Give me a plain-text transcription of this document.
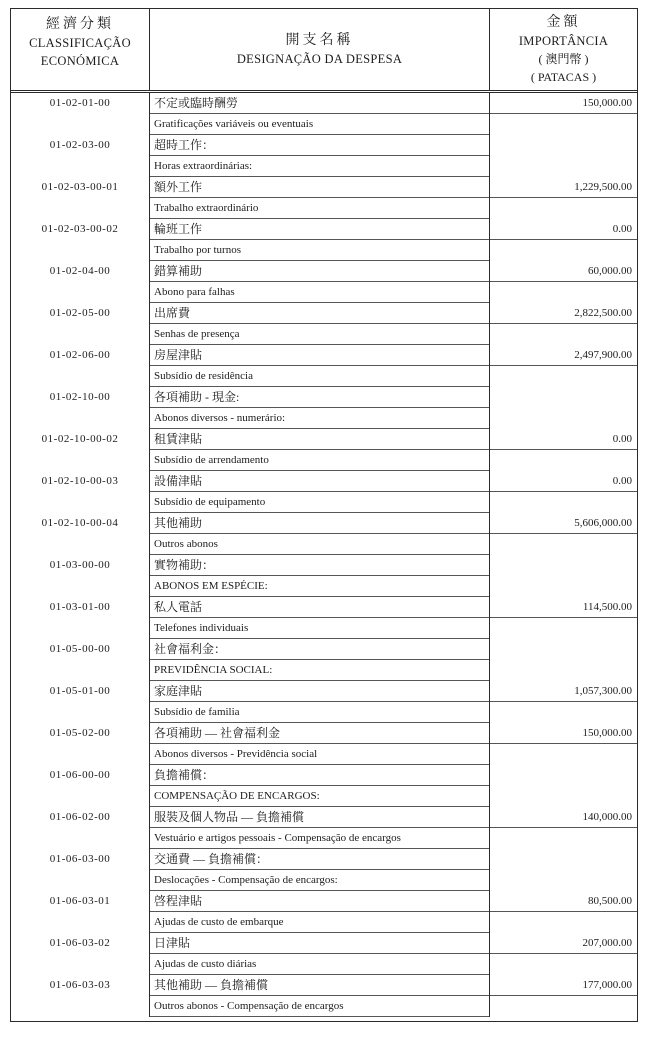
經濟分類
CLASSIFICAÇÃO
ECONÓMICA
開支名稱
DESIGNAÇÃO DA DESPESA
金額
IMPORTÂNCIA
( 澳門幣 )
( PATACAS )
01-02-01-00	不定或臨時酬勞
Gratificações variáveis ou eventuais
150,000.00
01-02-03-00	超時工作：
Horas extraordinárias:
01-02-03-00-01	額外工作
Trabalho extraordinário
1,229,500.00
01-02-03-00-02	輪班工作
Trabalho por turnos
0.00
01-02-04-00	錯算補助
Abono para falhas
60,000.00
01-02-05-00	出席費
Senhas de presença
2,822,500.00
01-02-06-00	房屋津貼
Subsídio de residência
2,497,900.00
01-02-10-00	各項補助 - 現金:
Abonos diversos - numerário:
01-02-10-00-02	租賃津貼
Subsídio de arrendamento
0.00
01-02-10-00-03	設備津貼
Subsídio de equipamento
0.00
01-02-10-00-04	其他補助
Outros abonos
5,606,000.00
01-03-00-00	實物補助：
ABONOS EM ESPÉCIE:
01-03-01-00	私人電話
Telefones individuais
114,500.00
01-05-00-00	社會福利金：
PREVIDÊNCIA SOCIAL:
01-05-01-00	家庭津貼
Subsídio de familia
1,057,300.00
01-05-02-00	各項補助 — 社會福利金
Abonos diversos - Previdência social
150,000.00
01-06-00-00	負擔補償：
COMPENSAÇÃO DE ENCARGOS:
01-06-02-00	服裝及個人物品 — 負擔補償
Vestuário e artigos pessoais - Compensação de encargos
140,000.00
01-06-03-00	交通費 — 負擔補償：
Deslocações - Compensação de encargos:
01-06-03-01	啓程津貼
Ajudas de custo de embarque
80,500.00
01-06-03-02	日津貼
Ajudas de custo diárias
207,000.00
01-06-03-03	其他補助 — 負擔補償
Outros abonos - Compensação de encargos
177,000.00
